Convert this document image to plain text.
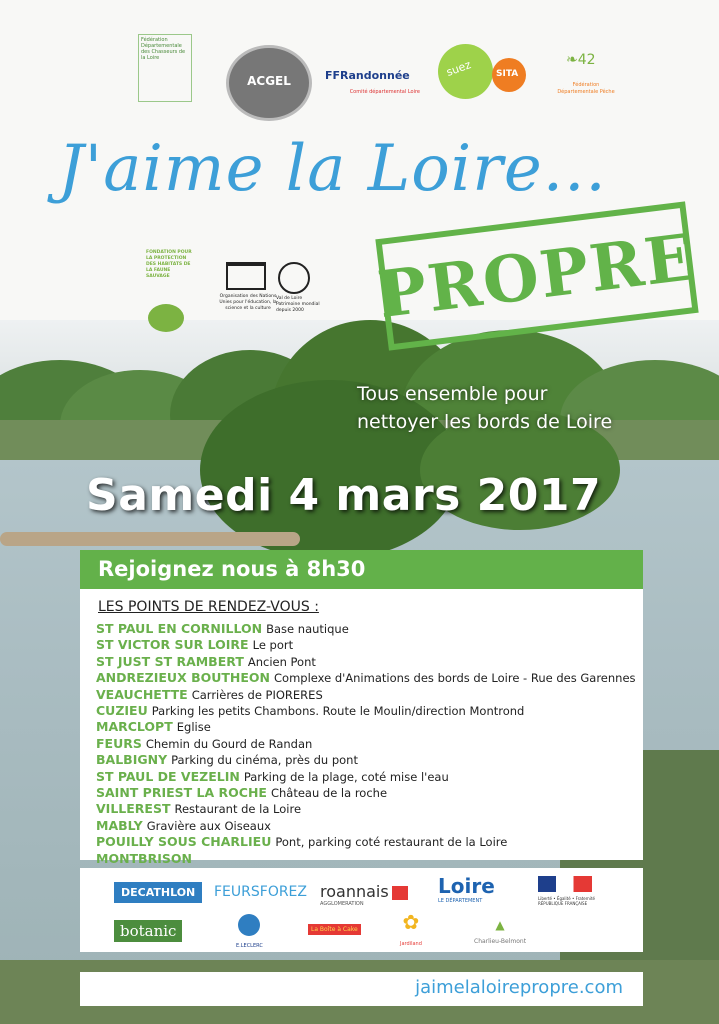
Fédération Départementale des Chasseurs de la Loire
ACGEL	FFRandonnée
Comité départemental Loire
suez	SITA
❧42
Fédération Départementale Pêche
J'aime la Loire...
PROPRE
FONDATION POUR LA PROTECTION DES HABITATS DE LA FAUNE SAUVAGE
Organisation des Nations Unies pour l'éducation, la science et la culture
Val de Loire Patrimoine mondial depuis 2000
Tous ensemble pour
nettoyer les bords de Loire
Samedi 4 mars 2017
Rejoignez nous à 8h30
LES POINTS DE RENDEZ-VOUS :
ST PAUL EN CORNILLON Base nautique
ST VICTOR SUR LOIRE Le port
ST JUST ST RAMBERT Ancien Pont
ANDREZIEUX BOUTHEON Complexe d'Animations des bords de Loire - Rue des Garennes
VEAUCHETTE Carrières de PIORERES
CUZIEU Parking les petits Chambons. Route le Moulin/direction Montrond
MARCLOPT Eglise
FEURS Chemin du Gourd de Randan
BALBIGNY Parking du cinéma, près du pont
ST PAUL DE VEZELIN Parking de la plage, coté mise l'eau
SAINT PRIEST LA ROCHE Château de la roche
VILLEREST Restaurant de la Loire
MABLY Gravière aux Oiseaux
POUILLY SOUS CHARLIEU Pont, parking coté restaurant de la Loire
MONTBRISON
DECATHLON	FEURSFOREZ roannais
AGGLOMERATION
Loire
LE DÉPARTEMENT	Liberté • Égalité • Fraternité
RÉPUBLIQUE FRANÇAISE
botanic
E.LECLERC
La Boîte à Cake ✿
Jardiland
▲
Charlieu-Belmont
jaimelaloirepropre.com
